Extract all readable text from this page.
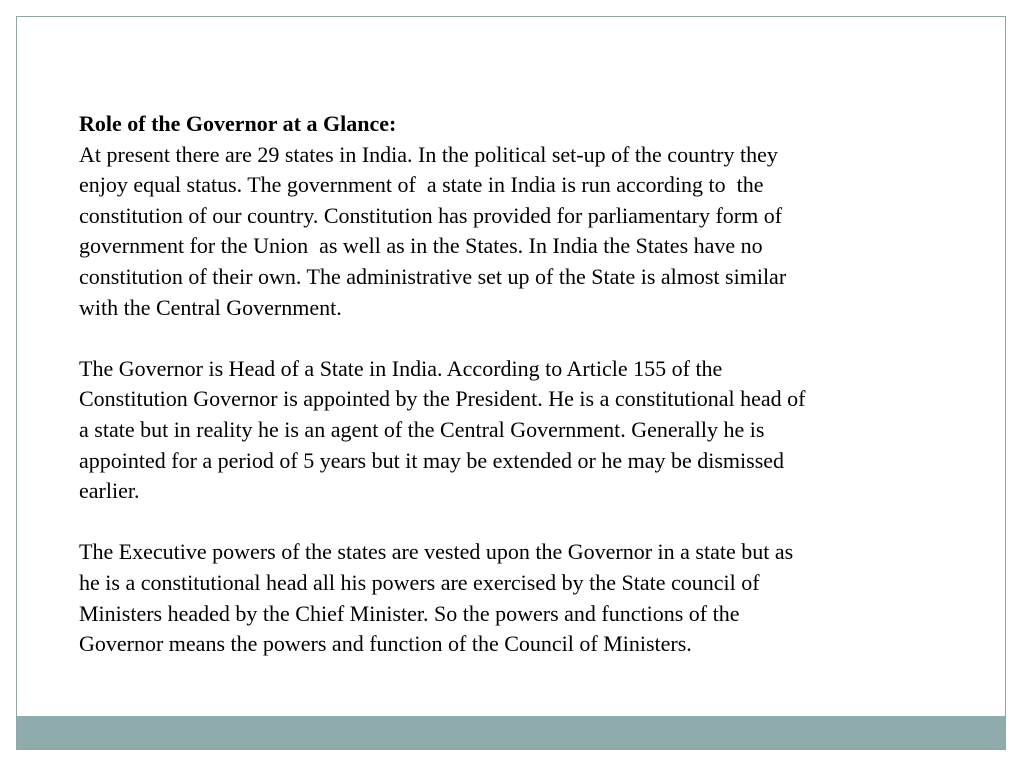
Role of the Governor at a Glance:
At present there are 29 states in India. In the political set-up of the country they
enjoy equal status. The government of  a state in India is run according to  the
constitution of our country. Constitution has provided for parliamentary form of
government for the Union  as well as in the States. In India the States have no
constitution of their own. The administrative set up of the State is almost similar
with the Central Government.
The Governor is Head of a State in India. According to Article 155 of the
Constitution Governor is appointed by the President. He is a constitutional head of
a state but in reality he is an agent of the Central Government. Generally he is
appointed for a period of 5 years but it may be extended or he may be dismissed
earlier.
The Executive powers of the states are vested upon the Governor in a state but as
he is a constitutional head all his powers are exercised by the State council of
Ministers headed by the Chief Minister. So the powers and functions of the
Governor means the powers and function of the Council of Ministers.
